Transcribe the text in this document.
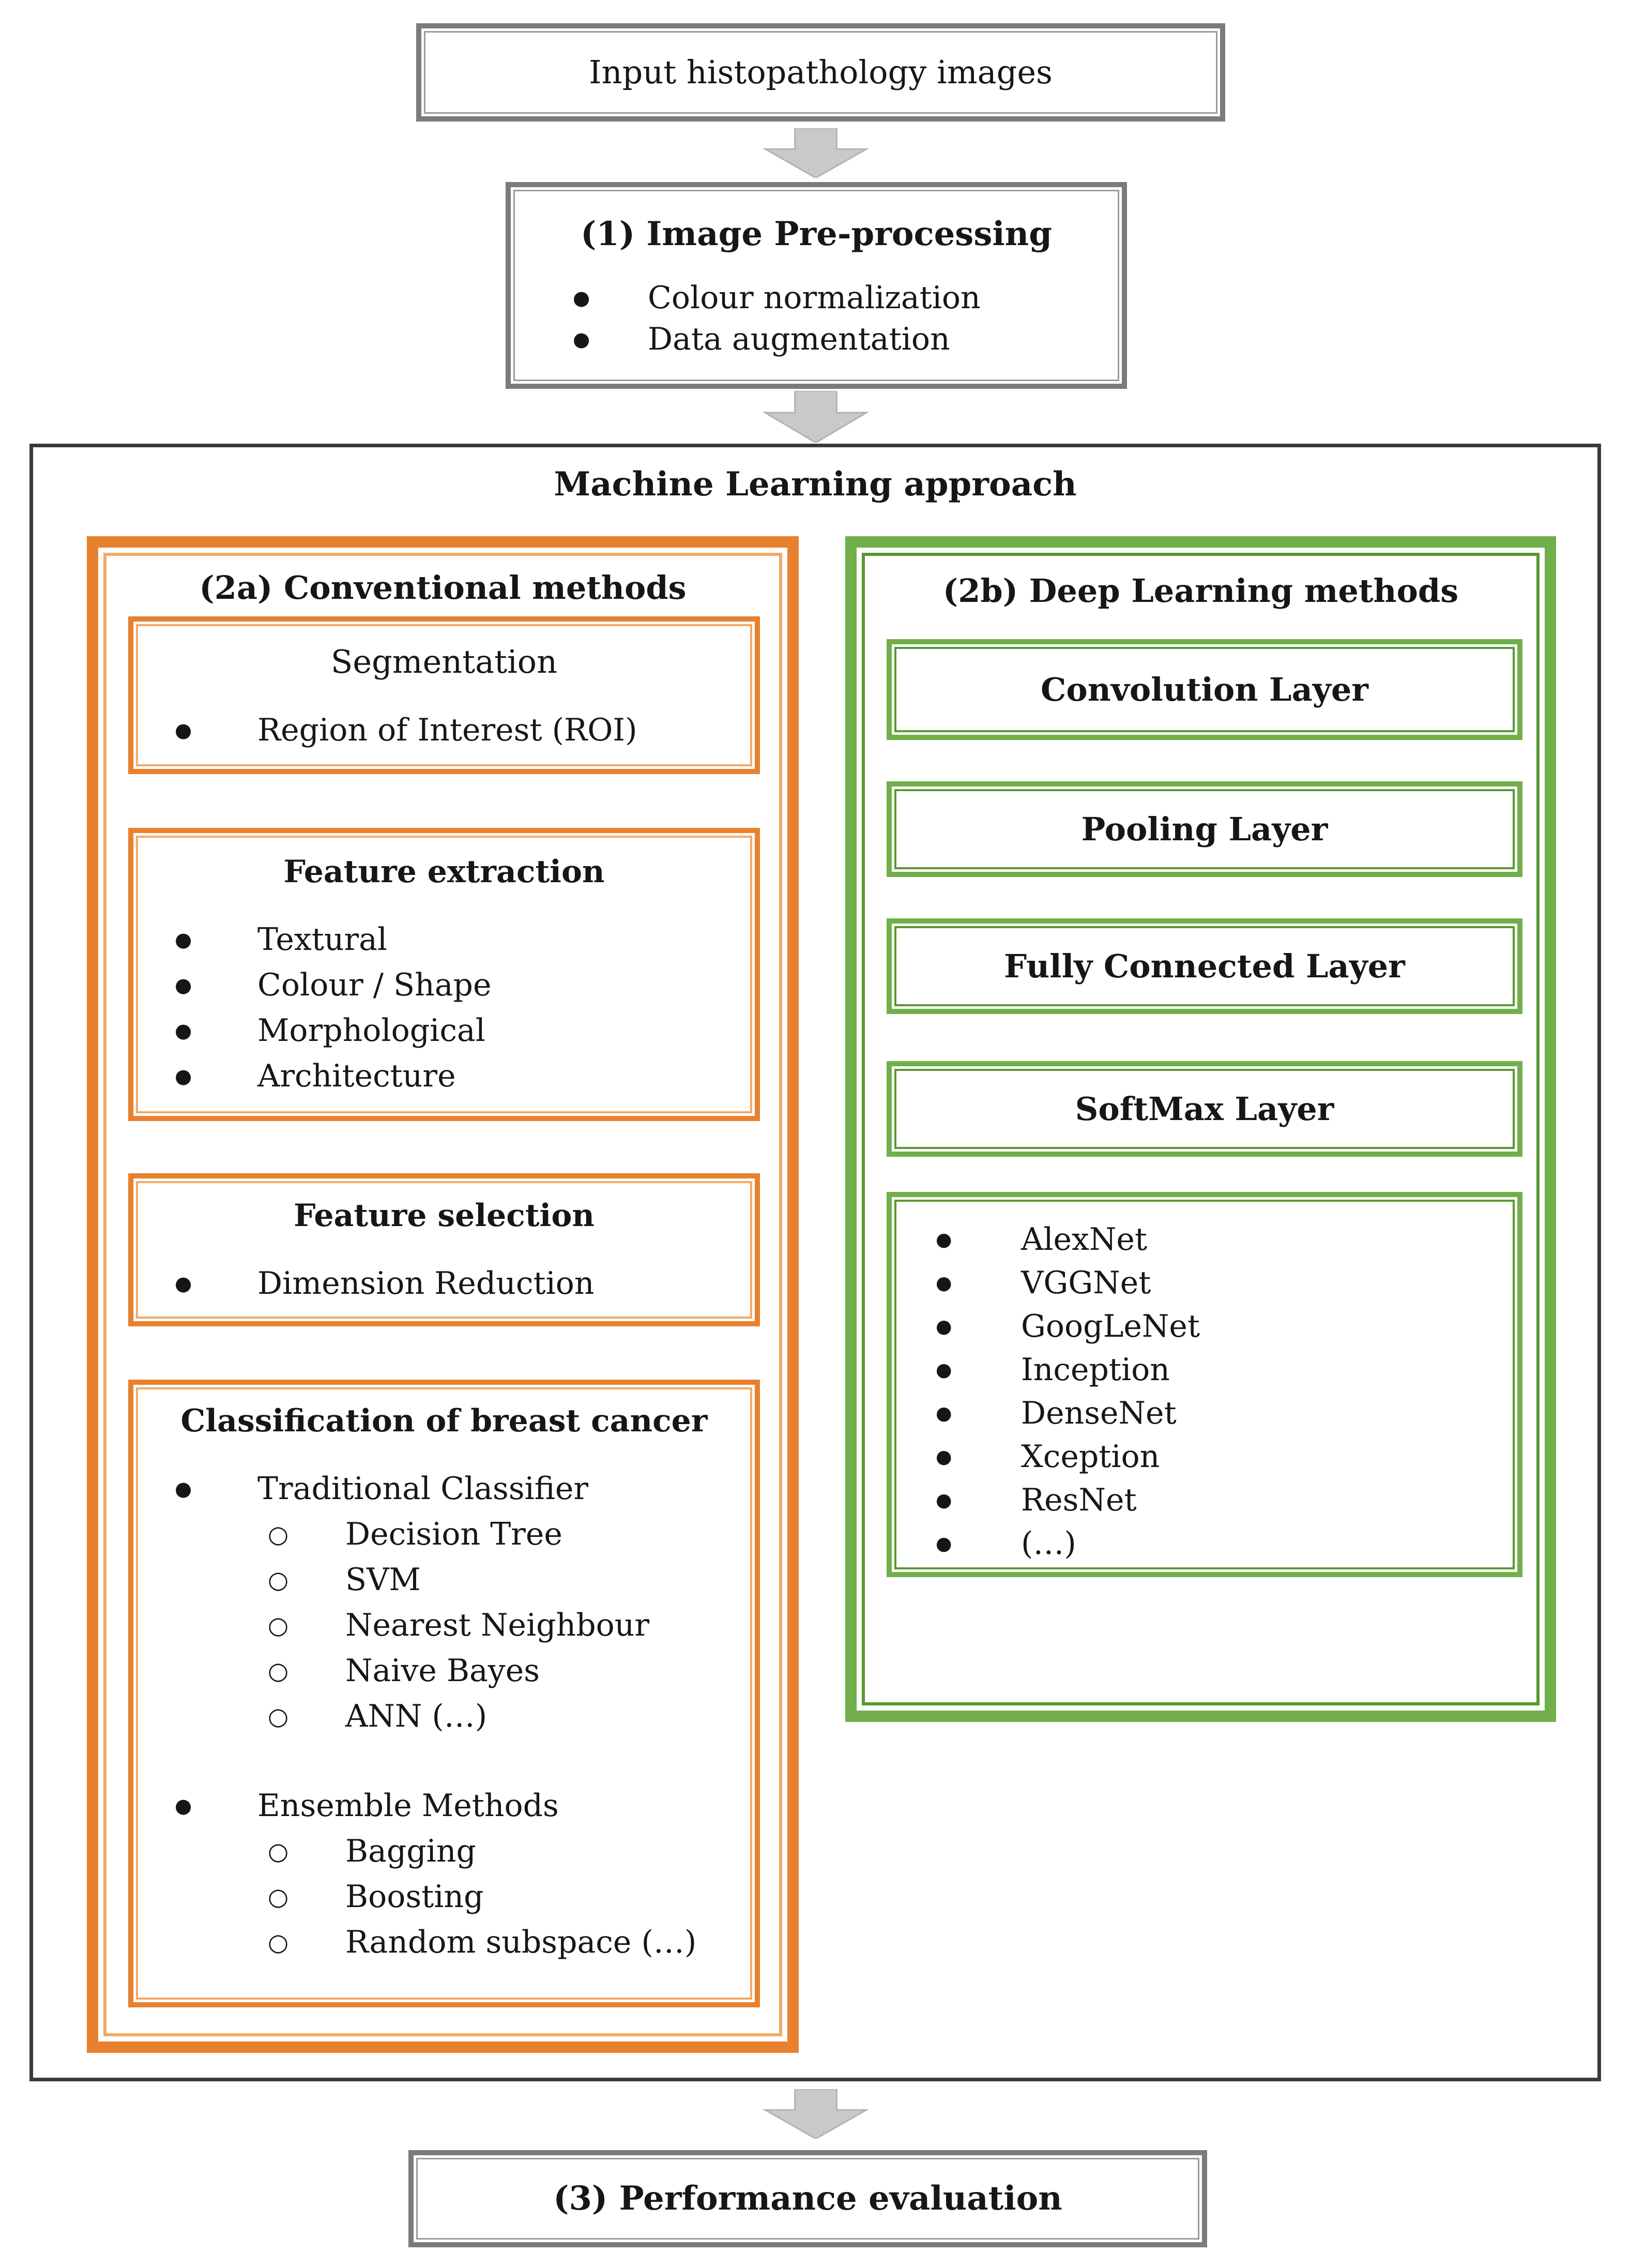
Input histopathology images
(1) Image Pre-processing
●	Colour normalization
●	Data augmentation
Machine Learning approach
(2a) Conventional methods
Segmentation
●	Region of Interest (ROI)
Feature extraction
●	Textural
●	Colour / Shape
●	Morphological
●	Architecture
Feature selection
●	Dimension Reduction
Classification of breast cancer
●	Traditional Classifier
○	Decision Tree
○	SVM
○	Nearest Neighbour
○	Naive Bayes
○	ANN (…)
●	Ensemble Methods
○	Bagging
○	Boosting
○	Random subspace (…)
(2b) Deep Learning methods
Convolution Layer
Pooling Layer
Fully Connected Layer
SoftMax Layer
●	AlexNet
●	VGGNet
●	GoogLeNet
●	Inception
●	DenseNet
●	Xception
●	ResNet
●	(…)
(3) Performance evaluation
